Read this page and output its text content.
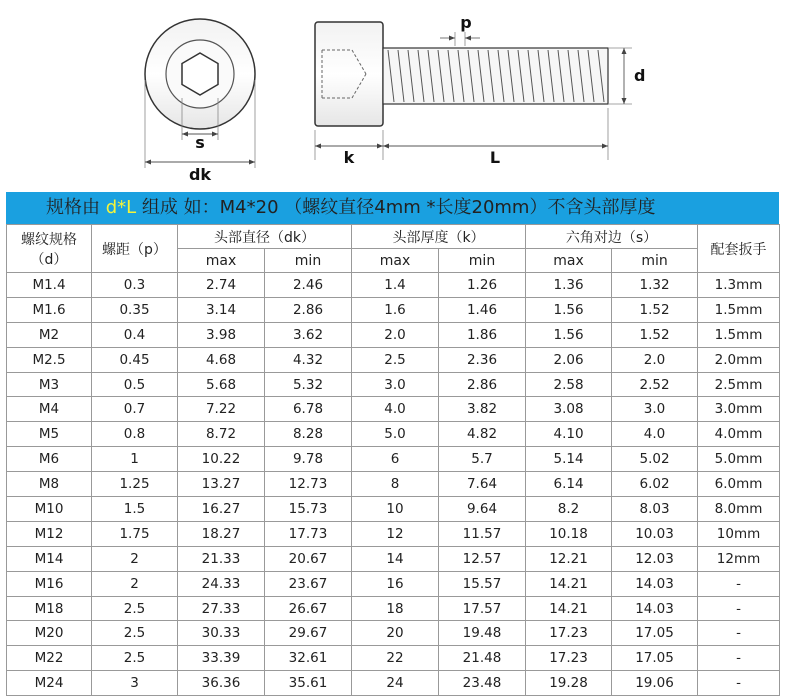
s
dk
p
d
k	L
规格由 d*L 组成 如：M4*20 （螺纹直径4mm *长度20mm）不含头部厚度
螺纹规格（d）	螺距（p）	头部直径（dk）		头部厚度（k）		六角对边（s）		配套扳手
		max	min	max	min	max	min	
M1.4	0.3	2.74	2.46	1.4	1.26	1.36	1.32	1.3mm
M1.6	0.35	3.14	2.86	1.6	1.46	1.56	1.52	1.5mm
M2	0.4	3.98	3.62	2.0	1.86	1.56	1.52	1.5mm
M2.5	0.45	4.68	4.32	2.5	2.36	2.06	2.0	2.0mm
M3	0.5	5.68	5.32	3.0	2.86	2.58	2.52	2.5mm
M4	0.7	7.22	6.78	4.0	3.82	3.08	3.0	3.0mm
M5	0.8	8.72	8.28	5.0	4.82	4.10	4.0	4.0mm
M6	1	10.22	9.78	6	5.7	5.14	5.02	5.0mm
M8	1.25	13.27	12.73	8	7.64	6.14	6.02	6.0mm
M10	1.5	16.27	15.73	10	9.64	8.2	8.03	8.0mm
M12	1.75	18.27	17.73	12	11.57	10.18	10.03	10mm
M14	2	21.33	20.67	14	12.57	12.21	12.03	12mm
M16	2	24.33	23.67	16	15.57	14.21	14.03	-
M18	2.5	27.33	26.67	18	17.57	14.21	14.03	-
M20	2.5	30.33	29.67	20	19.48	17.23	17.05	-
M22	2.5	33.39	32.61	22	21.48	17.23	17.05	-
M24	3	36.36	35.61	24	23.48	19.28	19.06	-
